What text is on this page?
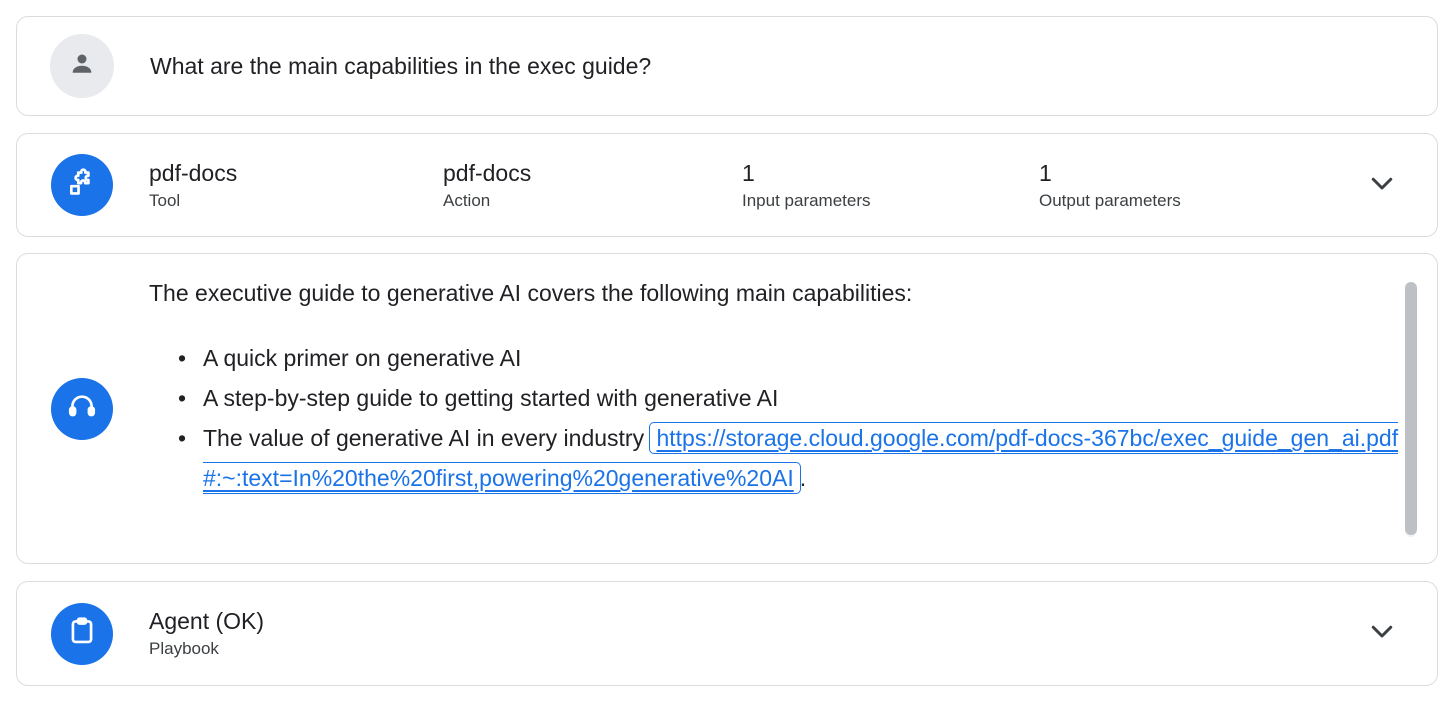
What are the main capabilities in the exec guide?
pdf-docs
Tool
pdf-docs
Action
1
Input parameters
1
Output parameters
The executive guide to generative AI covers the following main capabilities:
• A quick primer on generative AI
• A step-by-step guide to getting started with generative AI
• The value of generative AI in every industry https://storage.cloud.google.com/pdf-docs-367bc/exec_guide_gen_ai.pdf#:~:text=In%20the%20first,powering%20generative%20AI .
Agent (OK)
Playbook
